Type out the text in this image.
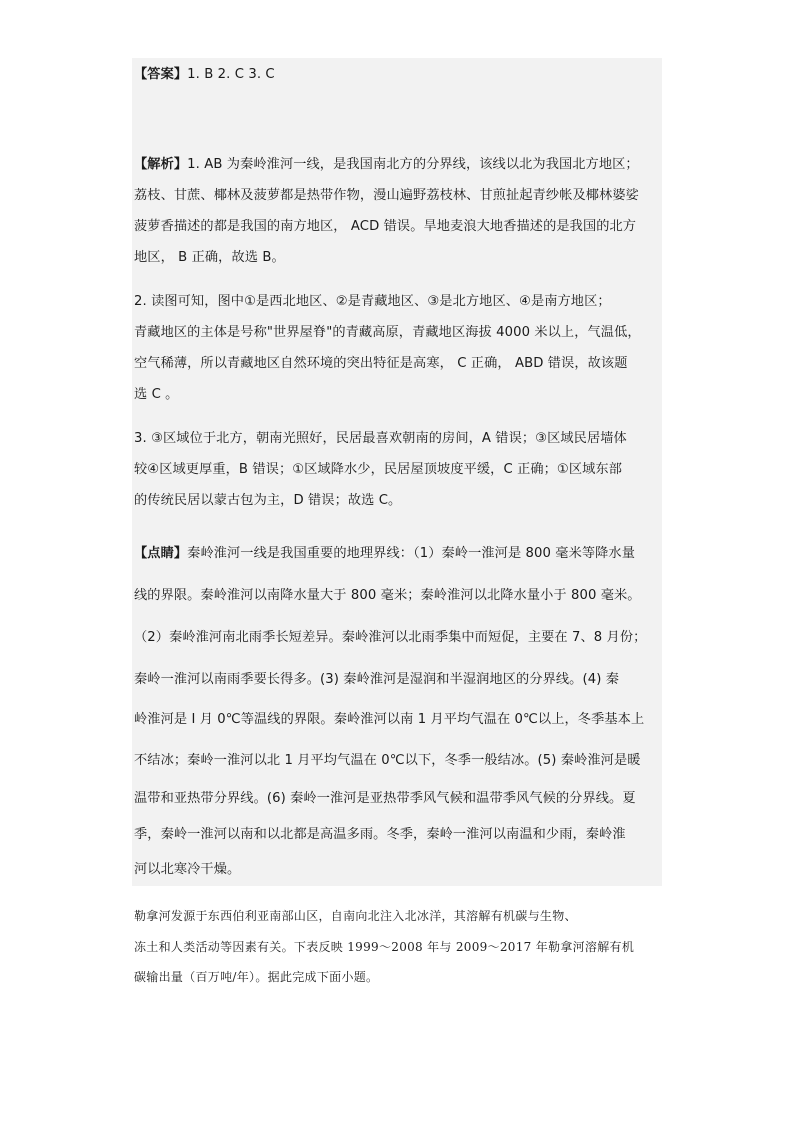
【答案】1. B 2. C 3. C
【解析】1. AB 为秦岭淮河一线，是我国南北方的分界线，该线以北为我国北方地区；
荔枝、甘蔗、椰林及菠萝都是热带作物，漫山遍野荔枝林、甘煎扯起青纱帐及椰林婆娑
菠萝香描述的都是我国的南方地区， ACD 错误。旱地麦浪大地香描述的是我国的北方
地区， B 正确，故选 B。
2. 读图可知，图中①是西北地区、②是青藏地区、③是北方地区、④是南方地区；
青藏地区的主体是号称"世界屋脊"的青藏高原，青藏地区海拔 4000 米以上，气温低，
空气稀薄，所以青藏地区自然环境的突出特征是高寒， C 正确， ABD 错误，故该题
选 C 。
3. ③区域位于北方，朝南光照好，民居最喜欢朝南的房间，A 错误；③区域民居墙体
较④区域更厚重，B 错误；①区域降水少，民居屋顶坡度平缓，C 正确；①区域东部
的传统民居以蒙古包为主，D 错误；故选 C。
【点睛】秦岭淮河一线是我国重要的地理界线：（1）秦岭一淮河是 800 毫米等降水量
线的界限。秦岭淮河以南降水量大于 800 毫米；秦岭淮河以北降水量小于 800 毫米。
（2）秦岭淮河南北雨季长短差异。秦岭淮河以北雨季集中而短促，主要在 7、8 月份；
秦岭一淮河以南雨季要长得多。(3) 秦岭淮河是湿润和半湿润地区的分界线。(4) 秦
岭淮河是 I 月 0℃等温线的界限。秦岭淮河以南 1 月平均气温在 0℃以上，冬季基本上
不结冰；秦岭一淮河以北 1 月平均气温在 0℃以下，冬季一般结冰。(5) 秦岭淮河是暖
温带和亚热带分界线。(6) 秦岭一淮河是亚热带季风气候和温带季风气候的分界线。夏
季，秦岭一淮河以南和以北都是高温多雨。冬季，秦岭一淮河以南温和少雨，秦岭淮
河以北寒冷干燥。
勒拿河发源于东西伯利亚南部山区，自南向北注入北冰洋，其溶解有机碳与生物、
冻土和人类活动等因素有关。下表反映 1999～2008 年与 2009～2017 年勒拿河溶解有机
碳输出量（百万吨/年）。据此完成下面小题。
